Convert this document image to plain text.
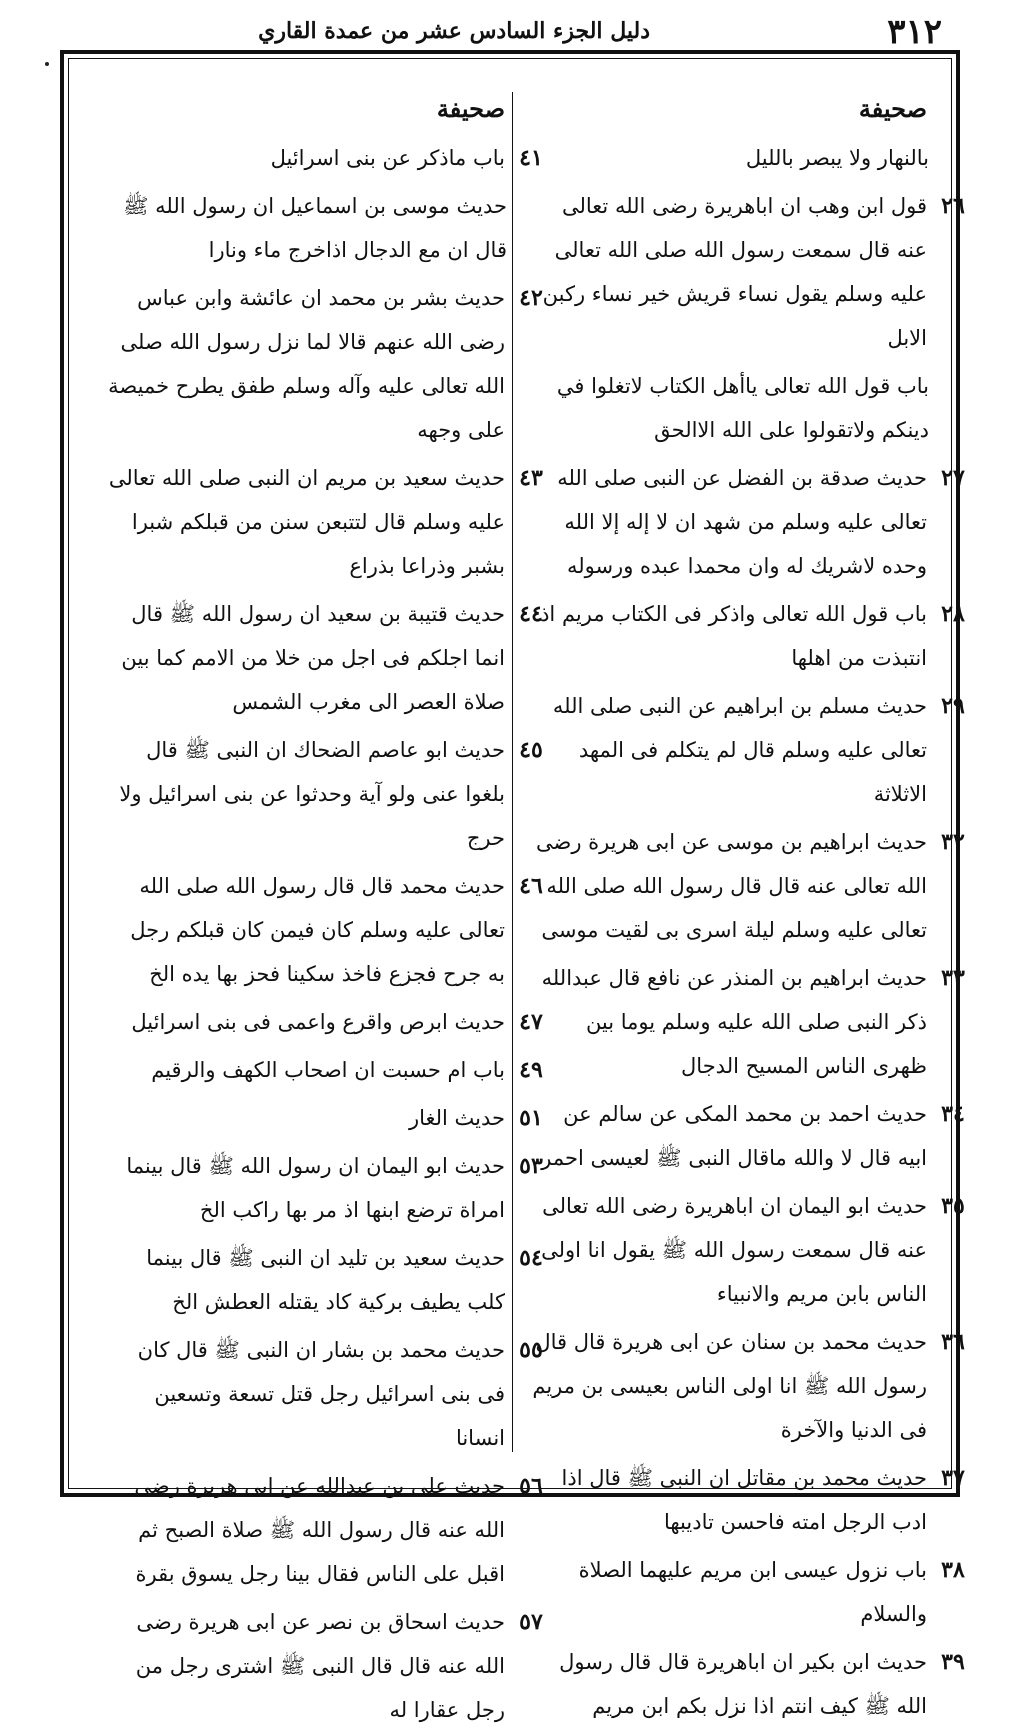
٣١٢
دليل الجزء السادس عشر من عمدة القاري
صحيفة
بالنهار ولا يبصر بالليل
٢٦
قول ابن وهب ان اباهريرة رضى الله تعالى عنه قال سمعت رسول الله صلى الله تعالى عليه وسلم يقول نساء قريش خير نساء ركبن الابل
باب قول الله تعالى ياأهل الكتاب لاتغلوا في دينكم ولاتقولوا على الله الاالحق
٢٧
حديث صدقة بن الفضل عن النبى صلى الله تعالى عليه وسلم من شهد ان لا إله إلا الله وحده لاشريك له وان محمدا عبده ورسوله
٢٨
باب قول الله تعالى واذكر فى الكتاب مريم اذ انتبذت من اهلها
٢٩
حديث مسلم بن ابراهيم عن النبى صلى الله تعالى عليه وسلم قال لم يتكلم فى المهد الاثلاثة
٣٢
حديث ابراهيم بن موسى عن ابى هريرة رضى الله تعالى عنه قال قال رسول الله صلى الله تعالى عليه وسلم ليلة اسرى بى لقيت موسى
٣٣
حديث ابراهيم بن المنذر عن نافع قال عبدالله ذكر النبى صلى الله عليه وسلم يوما بين ظهرى الناس المسيح الدجال
٣٤
حديث احمد بن محمد المكى عن سالم عن ابيه قال لا والله ماقال النبى ﷺ لعيسى احمر
٣٥
حديث ابو اليمان ان اباهريرة رضى الله تعالى عنه قال سمعت رسول الله ﷺ يقول انا اولى الناس بابن مريم والانبياء
٣٦
حديث محمد بن سنان عن ابى هريرة قال قال رسول الله ﷺ انا اولى الناس بعيسى بن مريم فى الدنيا والآخرة
٣٧
حديث محمد بن مقاتل ان النبى ﷺ قال اذا ادب الرجل امته فاحسن تاديبها
٣٨
باب نزول عيسى ابن مريم عليهما الصلاة والسلام
٣٩
حديث ابن بكير ان اباهريرة قال قال رسول الله ﷺ كيف انتم اذا نزل بكم ابن مريم
صحيفة
٤١
باب ماذكر عن بنى اسرائيل
حديث موسى بن اسماعيل ان رسول الله ﷺ قال ان مع الدجال اذاخرج ماء ونارا
٤٢
حديث بشر بن محمد ان عائشة وابن عباس رضى الله عنهم قالا لما نزل رسول الله صلى الله تعالى عليه وآله وسلم طفق يطرح خميصة على وجهه
٤٣
حديث سعيد بن مريم ان النبى صلى الله تعالى عليه وسلم قال لتتبعن سنن من قبلكم شبرا بشبر وذراعا بذراع
٤٤
حديث قتيبة بن سعيد ان رسول الله ﷺ قال انما اجلكم فى اجل من خلا من الامم كما بين صلاة العصر الى مغرب الشمس
٤٥
حديث ابو عاصم الضحاك ان النبى ﷺ قال بلغوا عنى ولو آية وحدثوا عن بنى اسرائيل ولا حرج
٤٦
حديث محمد قال قال رسول الله صلى الله تعالى عليه وسلم كان فيمن كان قبلكم رجل به جرح فجزع فاخذ سكينا فحز بها يده الخ
٤٧
حديث ابرص واقرع واعمى فى بنى اسرائيل
٤٩
باب ام حسبت ان اصحاب الكهف والرقيم
٥١
حديث الغار
٥٣
حديث ابو اليمان ان رسول الله ﷺ قال بينما امراة ترضع ابنها اذ مر بها راكب الخ
٥٤
حديث سعيد بن تليد ان النبى ﷺ قال بينما كلب يطيف بركية كاد يقتله العطش الخ
٥٥
حديث محمد بن بشار ان النبى ﷺ قال كان فى بنى اسرائيل رجل قتل تسعة وتسعين انسانا
٥٦
حديث على بن عبدالله عن ابى هريرة رضى الله عنه قال رسول الله ﷺ صلاة الصبح ثم اقبل على الناس فقال بينا رجل يسوق بقرة
٥٧
حديث اسحاق بن نصر عن ابى هريرة رضى الله عنه قال قال النبى ﷺ اشترى رجل من رجل عقارا له
